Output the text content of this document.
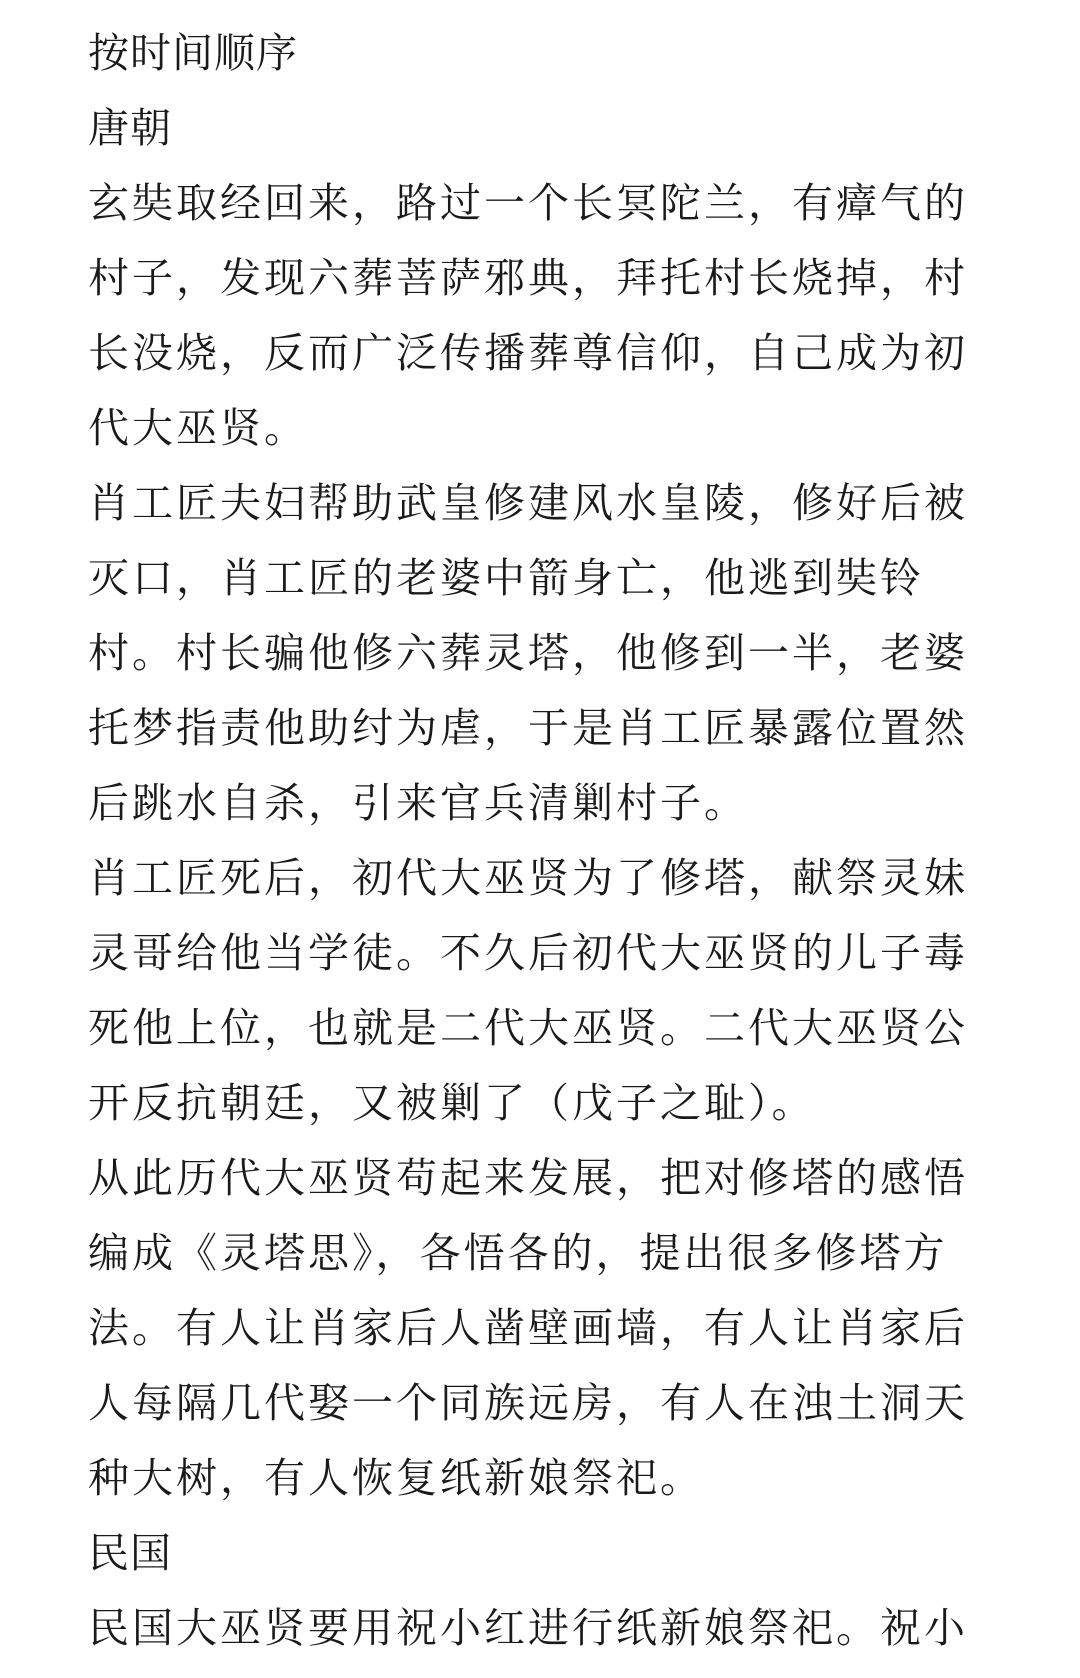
按时间顺序
唐朝
玄奘取经回来，路过一个长冥陀兰，有瘴气的
村子，发现六葬菩萨邪典，拜托村长烧掉，村
长没烧，反而广泛传播葬尊信仰，自己成为初
代大巫贤。
肖工匠夫妇帮助武皇修建风水皇陵，修好后被
灭口，肖工匠的老婆中箭身亡，他逃到奘铃
村。村长骗他修六葬灵塔，他修到一半，老婆
托梦指责他助纣为虐，于是肖工匠暴露位置然
后跳水自杀，引来官兵清剿村子。
肖工匠死后，初代大巫贤为了修塔，献祭灵妹
灵哥给他当学徒。不久后初代大巫贤的儿子毒
死他上位，也就是二代大巫贤。二代大巫贤公
开反抗朝廷，又被剿了（戊子之耻）。
从此历代大巫贤苟起来发展，把对修塔的感悟
编成《灵塔思》，各悟各的，提出很多修塔方
法。有人让肖家后人凿壁画墙，有人让肖家后
人每隔几代娶一个同族远房，有人在浊土洞天
种大树，有人恢复纸新娘祭祀。
民国
民国大巫贤要用祝小红进行纸新娘祭祀。祝小
